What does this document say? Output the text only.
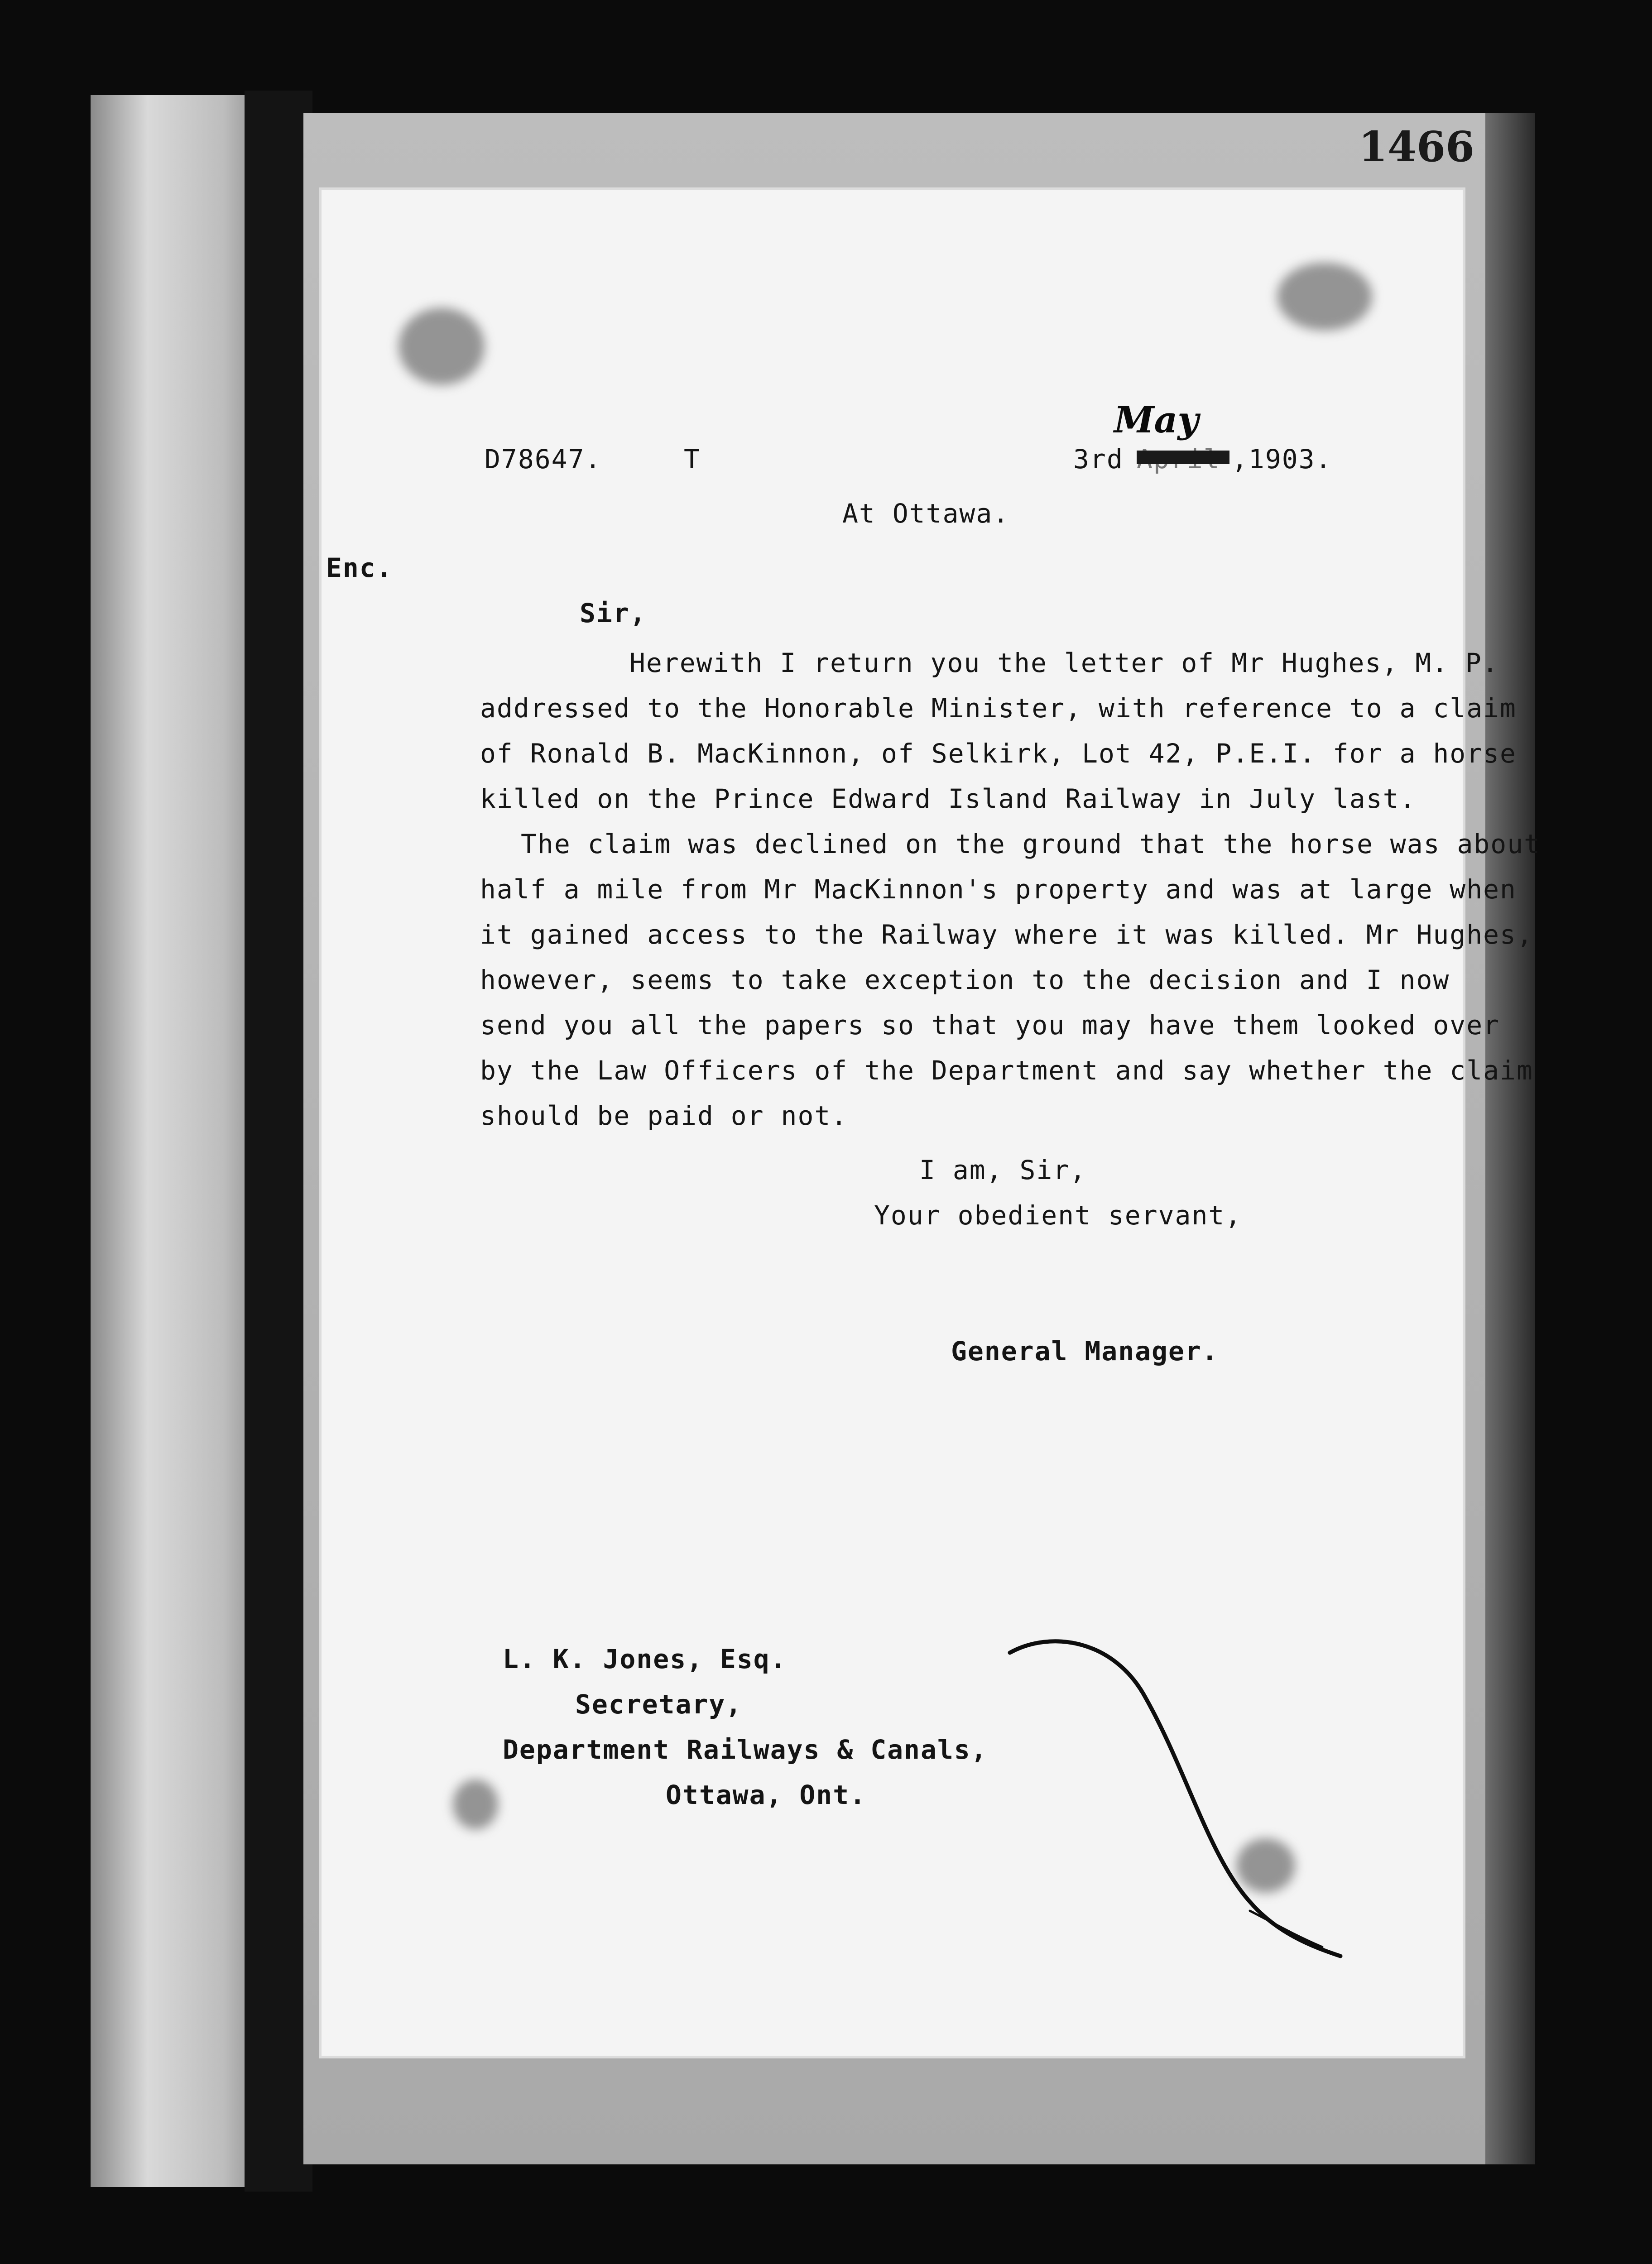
1466
D78647.	T	3rd
May
,1903.
At Ottawa.
Enc.
Sir,
Herewith I return you the letter of Mr Hughes, M. P.
addressed to the Honorable Minister, with reference to a claim
of Ronald B. MacKinnon, of Selkirk, Lot 42, P.E.I. for a horse
killed on the Prince Edward Island Railway in July last.
The claim was declined on the ground that the horse was about
half a mile from Mr MacKinnon's property and was at large when
it gained access to the Railway where it was killed. Mr Hughes,
however, seems to take exception to the decision and I now
send you all the papers so that you may have them looked over
by the Law Officers of the Department and say whether the claim
should be paid or not.
I am, Sir,
Your obedient servant,
General Manager.
L. K. Jones, Esq.
Secretary,
Department Railways & Canals,
Ottawa, Ont.
